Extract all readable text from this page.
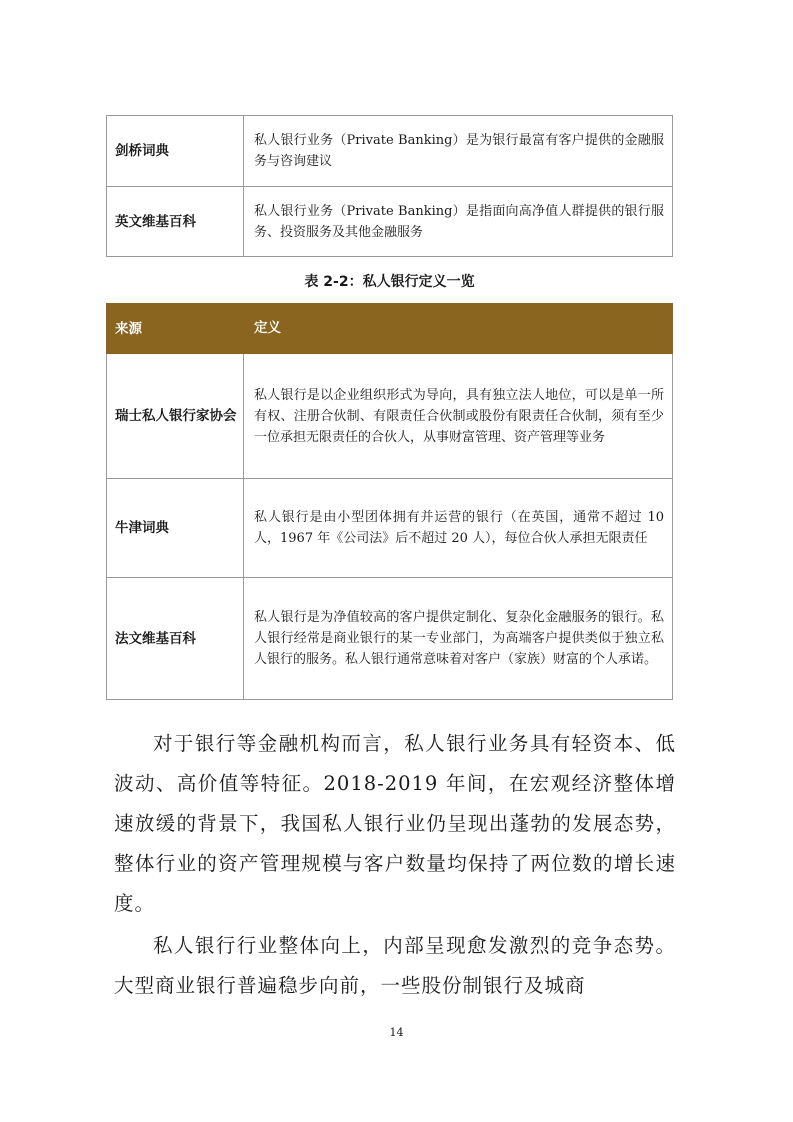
剑桥词典	私人银行业务（Private Banking）是为银行最富有客户提供的金融服务与咨询建议
英文维基百科	私人银行业务（Private Banking）是指面向高净值人群提供的银行服务、投资服务及其他金融服务
表 2-2：私人银行定义一览
来源	定义
瑞士私人银行家协会	私人银行是以企业组织形式为导向，具有独立法人地位，可以是单一所有权、注册合伙制、有限责任合伙制或股份有限责任合伙制，须有至少一位承担无限责任的合伙人，从事财富管理、资产管理等业务
牛津词典	私人银行是由小型团体拥有并运营的银行（在英国，通常不超过 10 人，1967 年《公司法》后不超过 20 人），每位合伙人承担无限责任
法文维基百科	私人银行是为净值较高的客户提供定制化、复杂化金融服务的银行。私人银行经常是商业银行的某一专业部门，为高端客户提供类似于独立私人银行的服务。私人银行通常意味着对客户（家族）财富的个人承诺。

对于银行等金融机构而言，私人银行业务具有轻资本、低波动、高价值等特征。2018-2019 年间，在宏观经济整体增速放缓的背景下，我国私人银行业仍呈现出蓬勃的发展态势，整体行业的资产管理规模与客户数量均保持了两位数的增长速度。

私人银行行业整体向上，内部呈现愈发激烈的竞争态势。大型商业银行普遍稳步向前，一些股份制银行及城商

14
